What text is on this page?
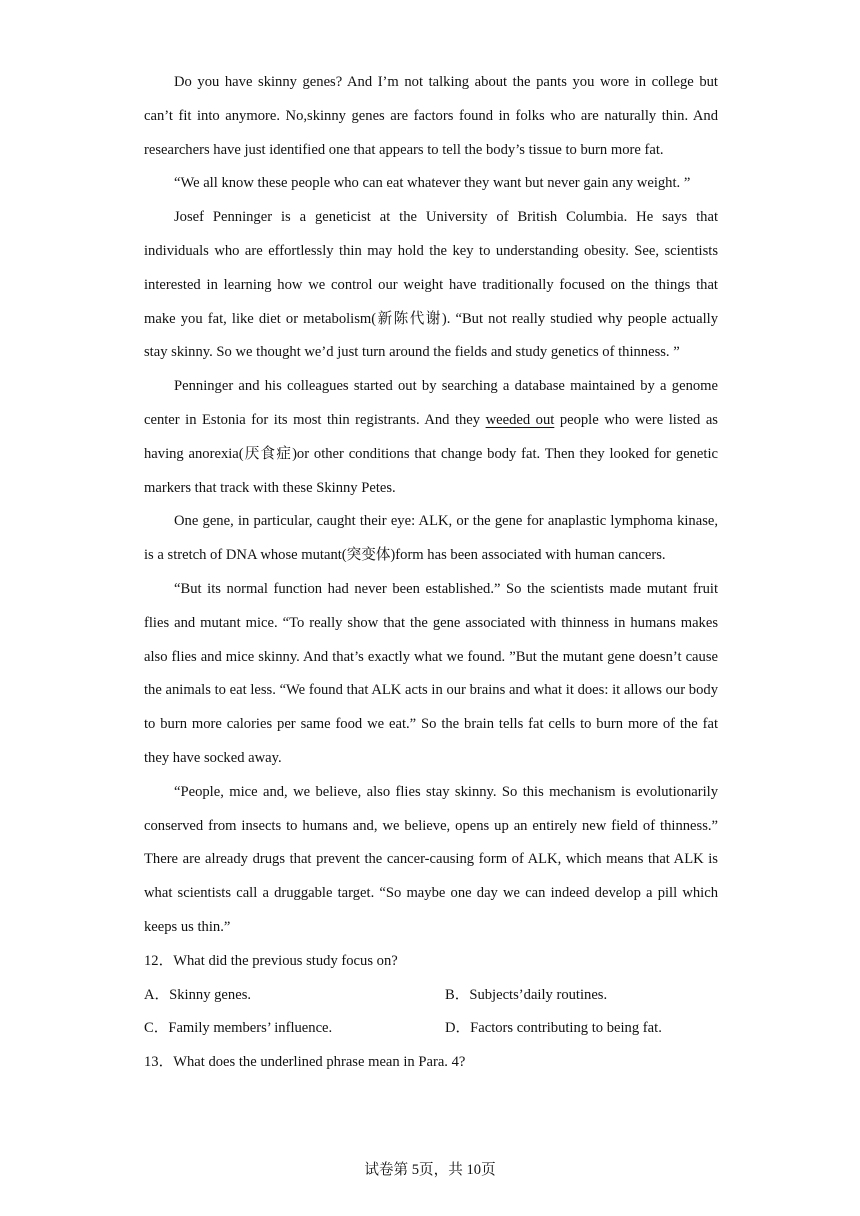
Do you have skinny genes? And I’m not talking about the pants you wore in college but can’t fit into anymore. No,skinny genes are factors found in folks who are naturally thin. And researchers have just identified one that appears to tell the body’s tissue to burn more fat.

“We all know these people who can eat whatever they want but never gain any weight. ”

Josef Penninger is a geneticist at the University of British Columbia. He says that individuals who are effortlessly thin may hold the key to understanding obesity. See, scientists interested in learning how we control our weight have traditionally focused on the things that make you fat, like diet or metabolism(新陈代谢). “But not really studied why people actually stay skinny. So we thought we’d just turn around the fields and study genetics of thinness. ”

Penninger and his colleagues started out by searching a database maintained by a genome center in Estonia for its most thin registrants. And they weeded out people who were listed as having anorexia(厌食症)or other conditions that change body fat. Then they looked for genetic markers that track with these Skinny Petes.

One gene, in particular, caught their eye: ALK, or the gene for anaplastic lymphoma kinase, is a stretch of DNA whose mutant(突变体)form has been associated with human cancers.

“But its normal function had never been established.” So the scientists made mutant fruit flies and mutant mice. “To really show that the gene associated with thinness in humans makes also flies and mice skinny. And that’s exactly what we found. ”But the mutant gene doesn’t cause the animals to eat less. “We found that ALK acts in our brains and what it does: it allows our body to burn more calories per same food we eat.” So the brain tells fat cells to burn more of the fat they have socked away.

“People, mice and, we believe, also flies stay skinny. So this mechanism is evolutionarily conserved from insects to humans and, we believe, opens up an entirely new field of thinness.” There are already drugs that prevent the cancer-causing form of ALK, which means that ALK is what scientists call a druggable target. “So maybe one day we can indeed develop a pill which keeps us thin.”

12．What did the previous study focus on?

A．Skinny genes.	B．Subjects’daily routines.
C．Family members’ influence.	D．Factors contributing to being fat.

13．What does the underlined phrase mean in Para. 4?

试卷第 5页，共 10页
